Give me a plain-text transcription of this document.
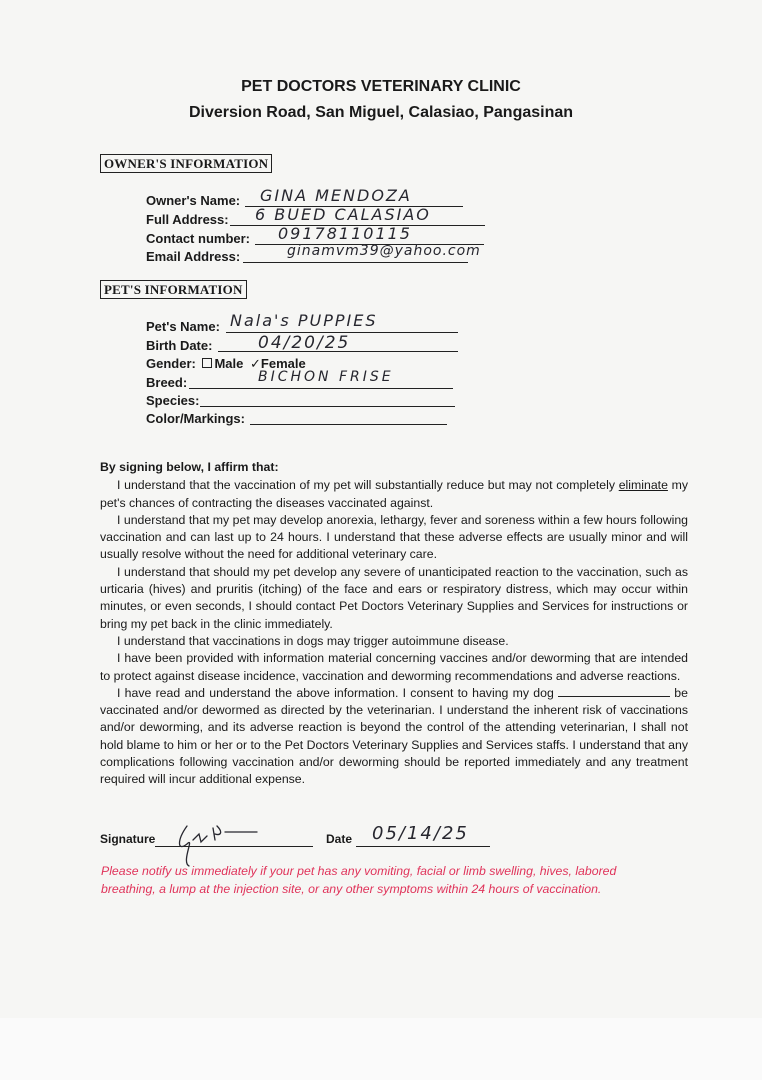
PET DOCTORS VETERINARY CLINIC
Diversion Road, San Miguel, Calasiao, Pangasinan
OWNER'S INFORMATION
Owner's Name: GINA MENDOZA
Full Address: 6 BUED CALASIAO
Contact number: 09178110115
Email Address:	ginamvm39@yahoo.com
PET'S INFORMATION
Pet's Name: Nala's PUPPIES
Birth Date:	04/20/25
Gender: Male ✓Female
Breed:	BICHON FRISE
Species:
Color/Markings:
By signing below, I affirm that:

I understand that the vaccination of my pet will substantially reduce but may not completely eliminate my pet's chances of contracting the diseases vaccinated against.

I understand that my pet may develop anorexia, lethargy, fever and soreness within a few hours following vaccination and can last up to 24 hours. I understand that these adverse effects are usually minor and will usually resolve without the need for additional veterinary care.

I understand that should my pet develop any severe of unanticipated reaction to the vaccination, such as urticaria (hives) and pruritis (itching) of the face and ears or respiratory distress, which may occur within minutes, or even seconds, I should contact Pet Doctors Veterinary Supplies and Services for instructions or bring my pet back in the clinic immediately.

I understand that vaccinations in dogs may trigger autoimmune disease.

I have been provided with information material concerning vaccines and/or deworming that are intended to protect against disease incidence, vaccination and deworming recommendations and adverse reactions.

I have read and understand the above information. I consent to having my dog	be vaccinated and/or dewormed as directed by the veterinarian. I understand the inherent risk of vaccinations and/or deworming, and its adverse reaction is beyond the control of the attending veterinarian, I shall not hold blame to him or her or to the Pet Doctors Veterinary Supplies and Services staffs. I understand that any complications following vaccination and/or deworming should be reported immediately and any treatment required will incur additional expense.

Signature	Date 05/14/25
Please notify us immediately if your pet has any vomiting, facial or limb swelling, hives, labored breathing, a lump at the injection site, or any other symptoms within 24 hours of vaccination.
